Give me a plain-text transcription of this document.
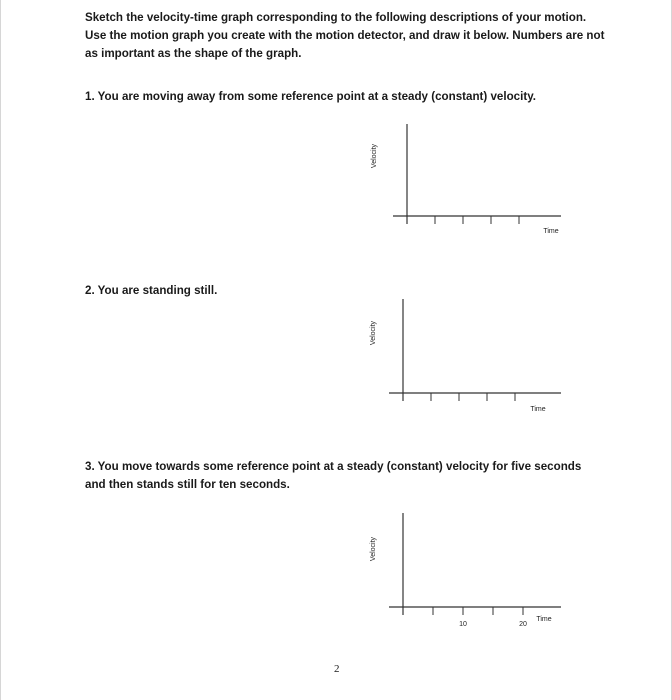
Sketch the velocity-time graph corresponding to the following descriptions of your motion. Use the motion graph you create with the motion detector, and draw it below. Numbers are not as important as the shape of the graph.
1. You are moving away from some reference point at a steady (constant) velocity.
Velocity
Time
2. You are standing still.
Velocity
Time
3. You move towards some reference point at a steady (constant) velocity for five seconds and then stands still for ten seconds.
10	20
Velocity
Time
2
